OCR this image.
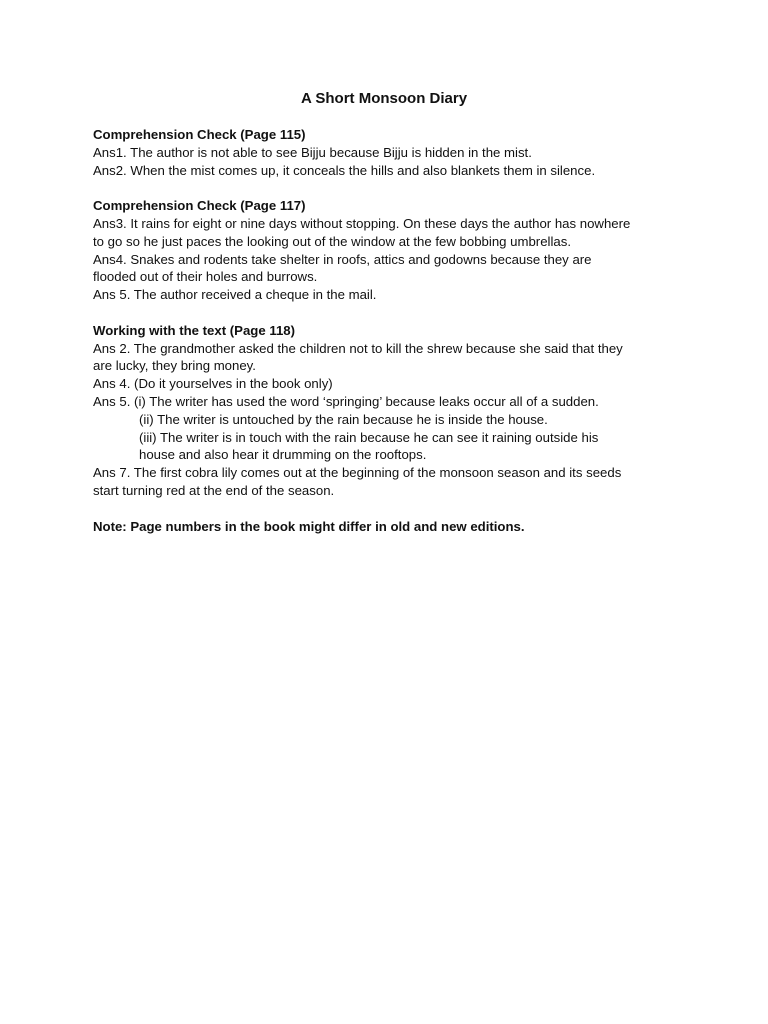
A Short Monsoon Diary
Comprehension Check (Page 115)
Ans1. The author is not able to see Bijju because Bijju is hidden in the mist.
Ans2. When the mist comes up, it conceals the hills and also blankets them in silence.
Comprehension Check (Page 117)
Ans3. It rains for eight or nine days without stopping. On these days the author has nowhere
to go so he just paces the looking out of the window at the few bobbing umbrellas.
Ans4. Snakes and rodents take shelter in roofs, attics and godowns because they are
flooded out of their holes and burrows.
Ans 5. The author received a cheque in the mail.
Working with the text (Page 118)
Ans 2. The grandmother asked the children not to kill the shrew because she said that they
are lucky, they bring money.
Ans 4. (Do it yourselves in the book only)
Ans 5. (i) The writer has used the word ‘springing’ because leaks occur all of a sudden.
(ii) The writer is untouched by the rain because he is inside the house.
(iii) The writer is in touch with the rain because he can see it raining outside his
house and also hear it drumming on the rooftops.
Ans 7. The first cobra lily comes out at the beginning of the monsoon season and its seeds
start turning red at the end of the season.
Note: Page numbers in the book might differ in old and new editions.
